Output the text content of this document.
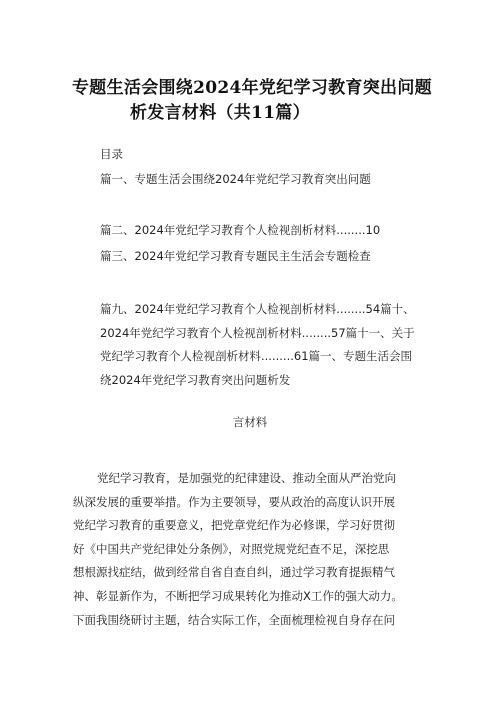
专题生活会围绕2024年党纪学习教育突出问题

析发言材料（共11篇）
目录
篇一、专题生活会围绕2024年党纪学习教育突出问题
篇二、2024年党纪学习教育个人检视剖析材料........10
篇三、2024年党纪学习教育专题民主生活会专题检查
篇九、2024年党纪学习教育个人检视剖析材料........54篇十、
2024年党纪学习教育个人检视剖析材料........57篇十一、关于
党纪学习教育个人检视剖析材料.........61篇一、专题生活会围
绕2024年党纪学习教育突出问题析发
言材料
党纪学习教育，是加强党的纪律建设、推动全面从严治党向
纵深发展的重要举措。作为主要领导，要从政治的高度认识开展
党纪学习教育的重要意义，把党章党纪作为必修课，学习好贯彻
好《中国共产党纪律处分条例》，对照党规党纪查不足，深挖思
想根源找症结，做到经常自省自查自纠，通过学习教育提振精气
神、彰显新作为，不断把学习成果转化为推动X工作的强大动力。
下面我围绕研讨主题，结合实际工作，全面梳理检视自身存在问
